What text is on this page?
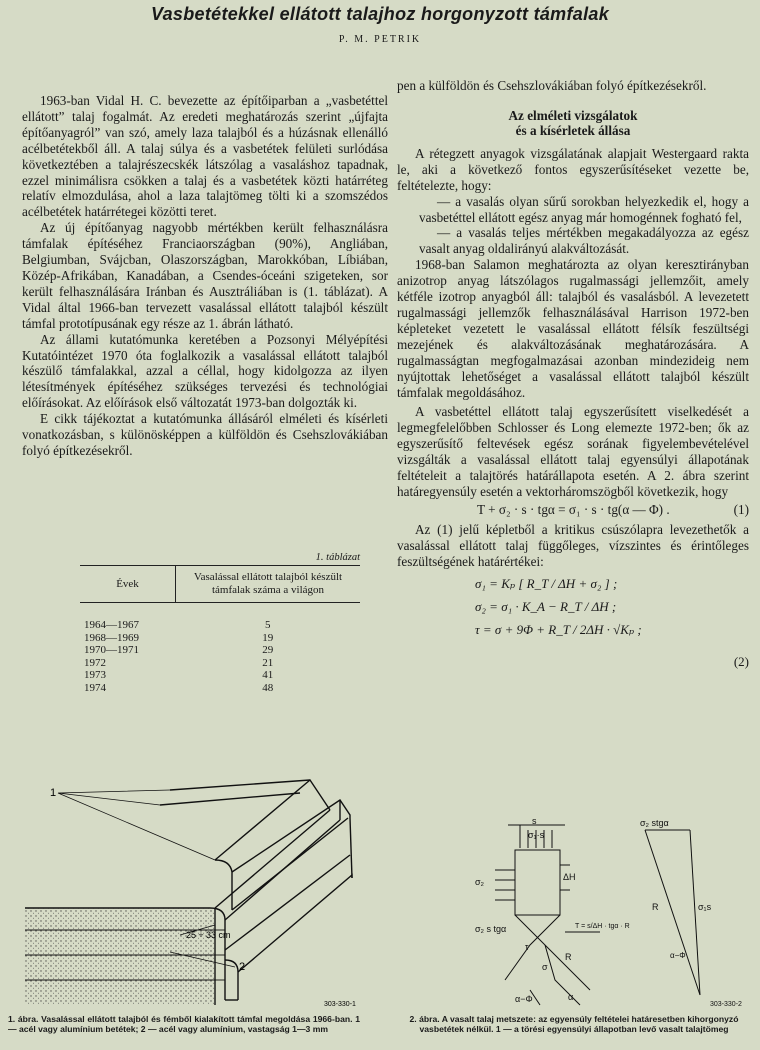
Vasbetétekkel ellátott talajhoz horgonyzott támfalak
P. M. PETRIK

1963-ban Vidal H. C. bevezette az építőiparban a „vasbetéttel ellátott” talaj fogalmát. Az eredeti meghatározás szerint „újfajta építőanyagról” van szó, amely laza talajból és a húzásnak ellenálló acélbetétekből áll. A talaj súlya és a vasbetétek felületi surlódása következtében a talajrészecskék látszólag a vasaláshoz tapadnak, ezzel minimálisra csökken a talaj és a vasbetétek közti határréteg relatív elmozdulása, ahol a laza talajtömeg tölti ki a szomszédos acélbetétek határrétegei közötti teret.

Az új építőanyag nagyobb mértékben került felhasználásra támfalak építéséhez Franciaországban (90%), Angliában, Belgiumban, Svájcban, Olaszországban, Marokkóban, Líbiában, Közép-Afrikában, Kanadában, a Csendes-óceáni szigeteken, sor került felhasználására Iránban és Ausztráliában is (1. táblázat). A Vidal által 1966-ban tervezett vasalással ellátott talajból készült támfal prototípusának egy része az 1. ábrán látható.

Az állami kutatómunka keretében a Pozsonyi Mélyépítési Kutatóintézet 1970 óta foglalkozik a vasalással ellátott talajból készülő támfalakkal, azzal a céllal, hogy kidolgozza az ilyen létesítmények építéséhez szükséges tervezési és technológiai előírásokat. Az előírások első változatát 1973-ban dolgozták ki.

E cikk tájékoztat a kutatómunka állásáról elméleti és kísérleti vonatkozásban, s különösképpen a külföldön és Csehszlovákiában folyó építkezésekről.

1. táblázat
Évek	Vasalással ellátott talajból készült támfalak száma a világon
1964—1967	5
1968—1969	19
1970—1971	29
1972	21
1973	41
1974	48
1
2
25 ÷ 33 cm
303-330-1
1. ábra. Vasalással ellátott talajból és fémből kialakított támfal megoldása 1966-ban. 1 — acél vagy alumínium betétek; 2 — acél vagy alumínium, vastagság 1—3 mm

pen a külföldön és Csehszlovákiában folyó építkezésekről.

Az elméleti vizsgálatok
és a kísérletek állása

A rétegzett anyagok vizsgálatának alapjait Westergaard rakta le, aki a következő fontos egyszerűsítéseket vezette be, feltételezte, hogy:

— a vasalás olyan sűrű sorokban helyezkedik el, hogy a vasbetéttel ellátott egész anyag már homogénnek fogható fel,

— a vasalás teljes mértékben megakadályozza az egész vasalt anyag oldalirányú alakváltozását.

1968-ban Salamon meghatározta az olyan keresztirányban anizotrop anyag látszólagos rugalmassági jellemzőit, amely kétféle izotrop anyagból áll: talajból és vasalásból. A levezetett rugalmassági jellemzők felhasználásával Harrison 1972-ben képleteket vezetett le vasalással ellátott félsík feszültségi mezejének és alakváltozásának meghatározására. A rugalmasságtan megfogalmazásai azonban mindezideig nem nyújtottak lehetőséget a vasalással ellátott talajból készült támfalak megoldásához.

A vasbetéttel ellátott talaj egyszerűsített viselkedését a legmegfelelőbben Schlosser és Long elemezte 1972-ben; ők az egyszerűsítő feltevések egész sorának figyelembevételével vizsgálták a vasalással ellátott talaj egyensúlyi állapotának feltételeit a talajtörés határállapota esetén. A 2. ábra szerint határegyensúly esetén a vektorháromszögből következik, hogy

T + σ₂ · s · tgα = σ₁ · s · tg(α — Φ) .	(1)

Az (1) jelű képletből a kritikus csúszólapra levezethetők a vasalással ellátott talaj függőleges, vízszintes és érintőleges feszültségének határértékei:

σ₁ = Kₚ [ R_T / ΔH + σ₂ ] ;
σ₂ = σ₁ · K_A − R_T / ΔH ;
τ = σ + 9Φ + R_T / 2ΔH · √Kₚ ;
(2)
s
σ₁·s
ΔH
σ₂
σ₂ s tgα	T = s/ΔH · tgα · R
τ
σ
R
α−Φ	α
σ₂ stgα
σ₁s
R
α−Φ
303-330-2
2. ábra. A vasalt talaj metszete: az egyensúly feltételei határesetben kihorgonyzó vasbetétek nélkül. 1 — a törési egyensúlyi állapotban levő vasalt talajtömeg
